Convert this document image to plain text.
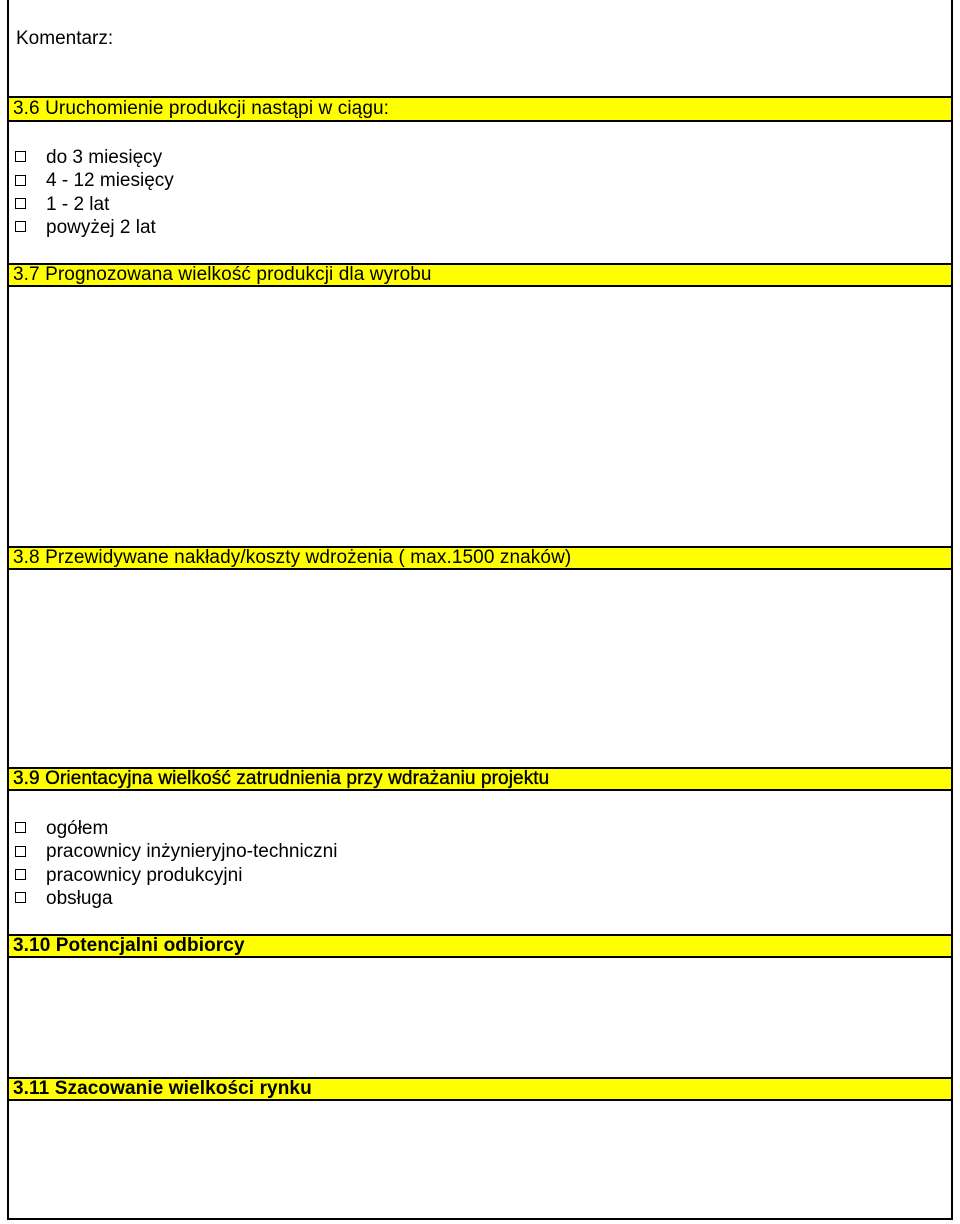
Komentarz:
3.6 Uruchomienie produkcji nastąpi w ciągu:
do 3 miesięcy
4 - 12 miesięcy
1 - 2 lat
powyżej 2 lat
3.7 Prognozowana wielkość produkcji dla wyrobu
3.8 Przewidywane nakłady/koszty wdrożenia ( max.1500 znaków)
3.9 Orientacyjna wielkość zatrudnienia przy wdrażaniu projektu
ogółem
pracownicy inżynieryjno-techniczni
pracownicy produkcyjni
obsługa
3.10 Potencjalni odbiorcy
3.11 Szacowanie wielkości rynku
